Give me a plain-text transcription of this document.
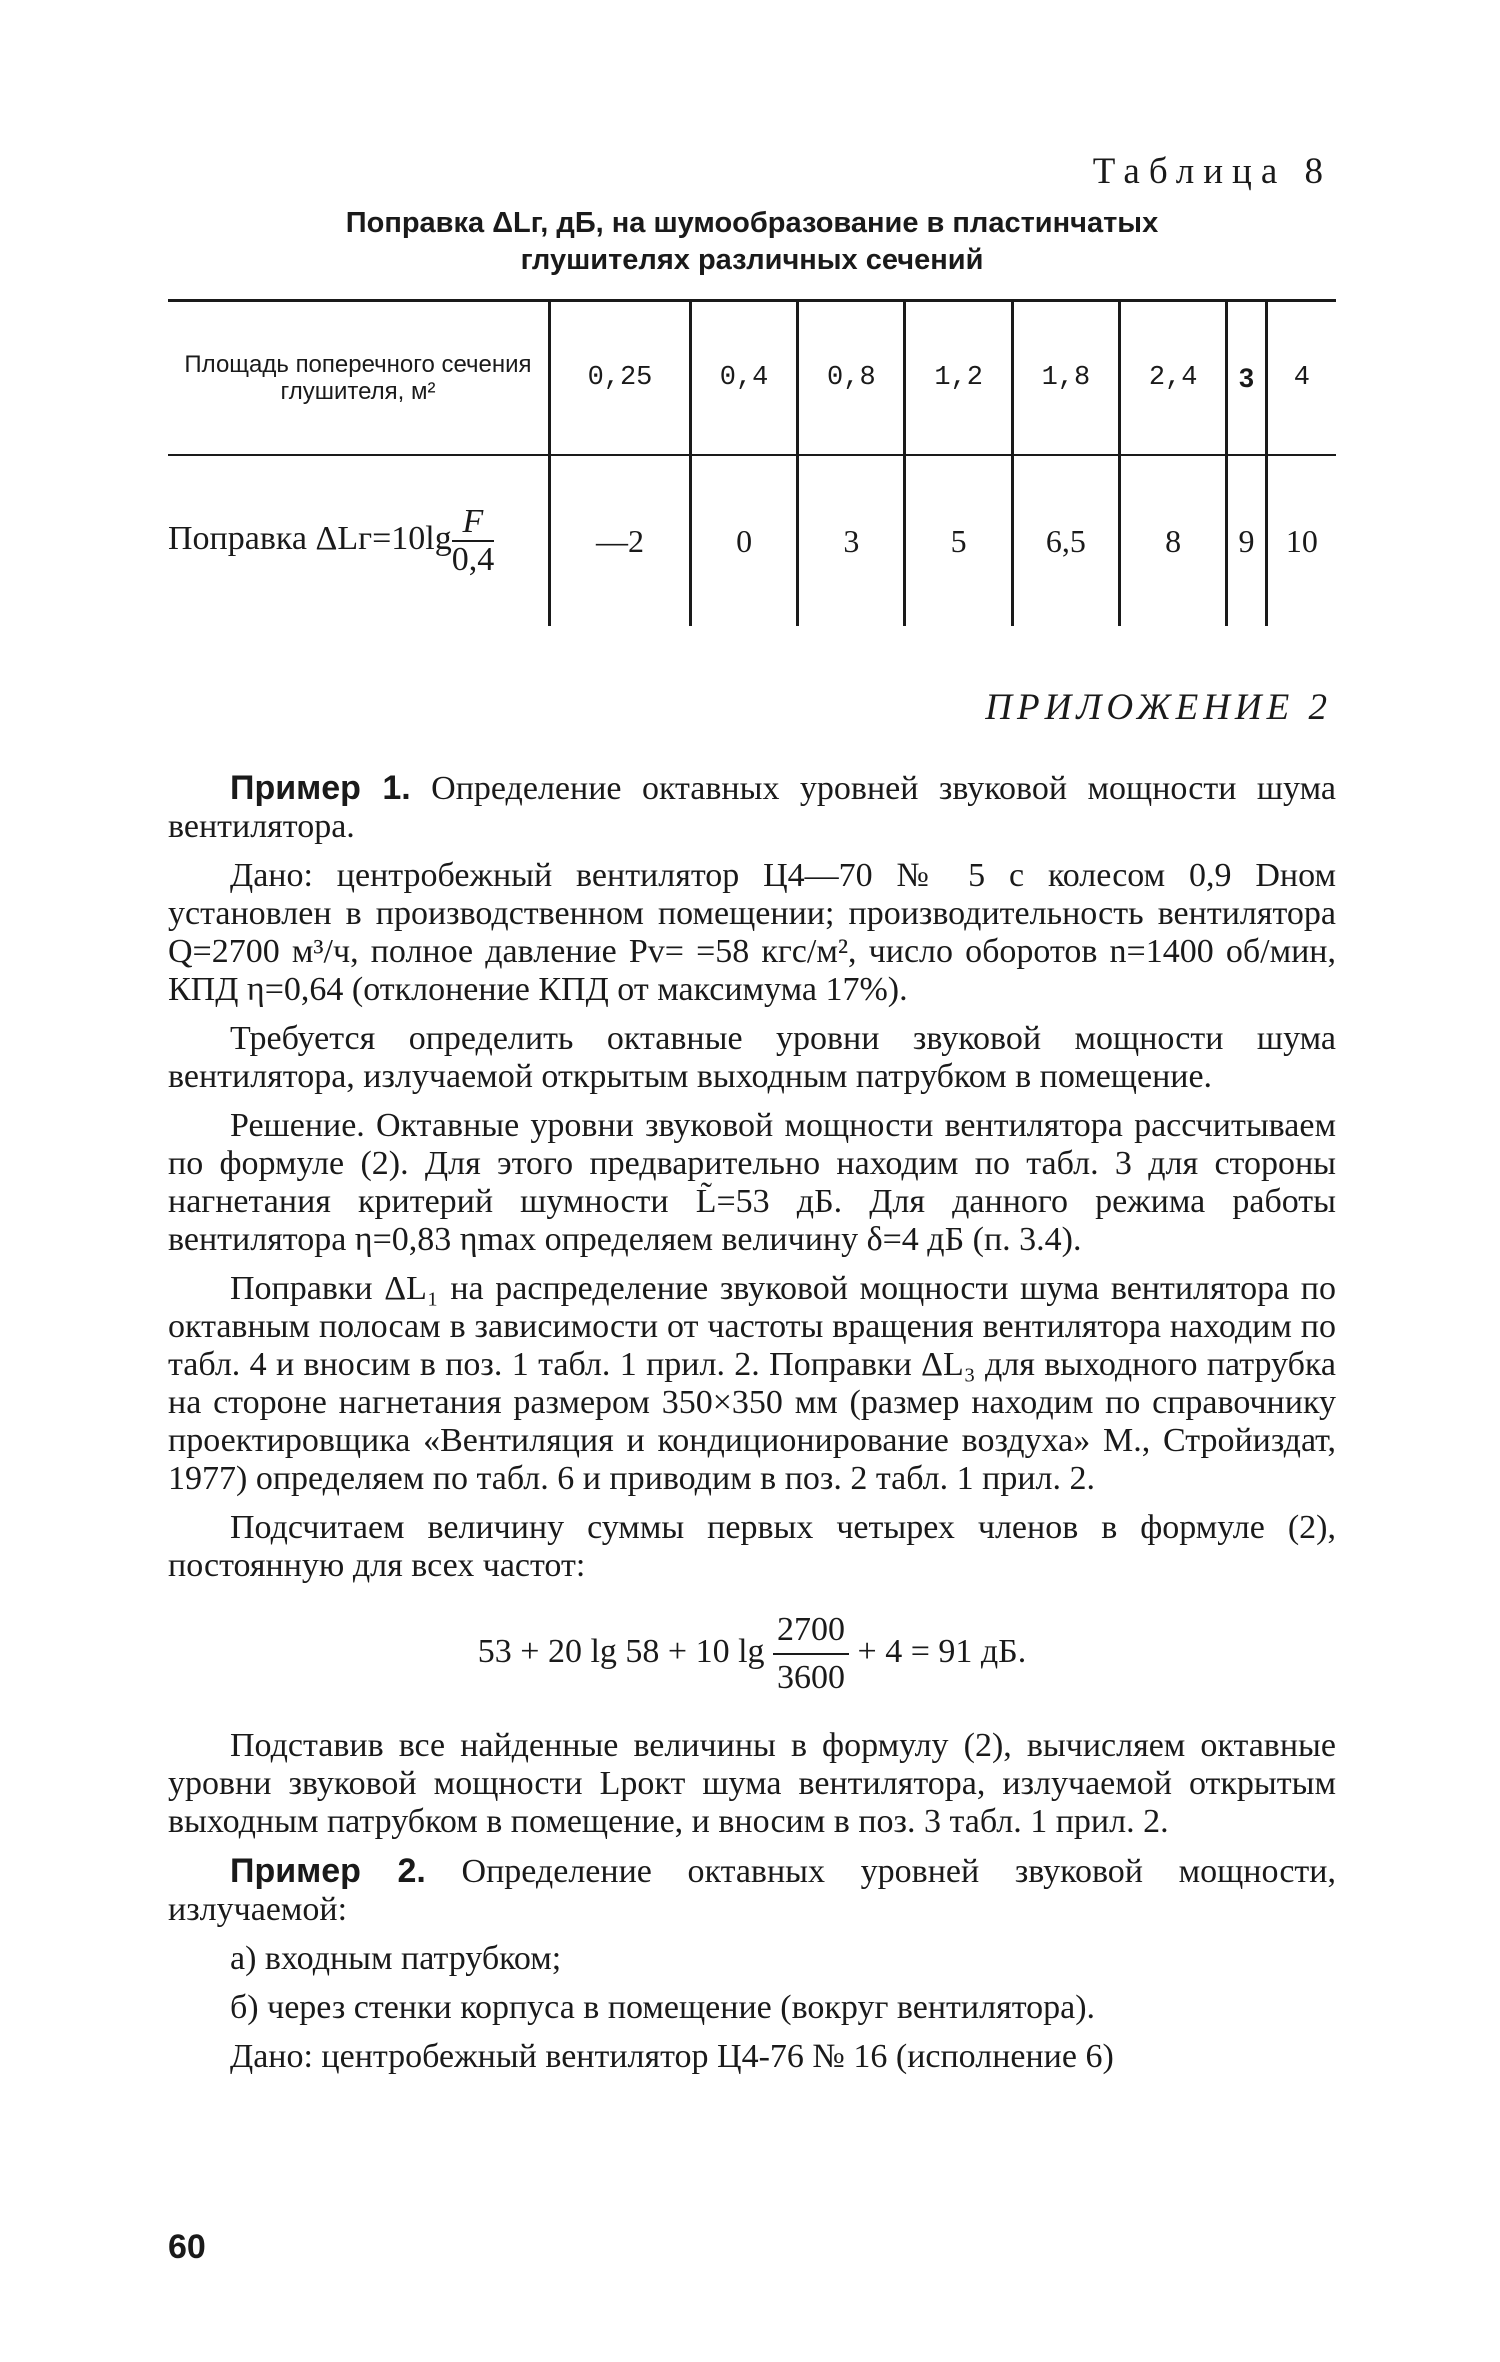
Таблица 8
Поправка ΔLг, дБ, на шумообразование в пластинчатых
глушителях различных сечений
Площадь поперечного сечения глушителя, м²	0,25	0,4	0,8	1,2	1,8	2,4	3	4
Поправка $\Delta Lг=10\lg \frac{F}{0,4}$	—2	0	3	5	6,5	8	9	10
ПРИЛОЖЕНИЕ 2

Пример 1. Определение октавных уровней звуковой мощности шума вентилятора.

Дано: центробежный вентилятор Ц4—70 № 5 с колесом 0,9 Dном установлен в производственном помещении; производительность вентилятора Q=2700 м³/ч, полное давление Pv= =58 кгс/м², число оборотов n=1400 об/мин, КПД η=0,64 (отклонение КПД от максимума 17%).

Требуется определить октавные уровни звуковой мощности шума вентилятора, излучаемой открытым выходным патрубком в помещение.

Решение. Октавные уровни звуковой мощности вентилятора рассчитываем по формуле (2). Для этого предварительно находим по табл. 3 для стороны нагнетания критерий шумности L̃=53 дБ. Для данного режима работы вентилятора η=0,83 ηmax определяем величину δ=4 дБ (п. 3.4).

Поправки ΔL₁ на распределение звуковой мощности шума вентилятора по октавным полосам в зависимости от частоты вращения вентилятора находим по табл. 4 и вносим в поз. 1 табл. 1 прил. 2. Поправки ΔL₃ для выходного патрубка на стороне нагнетания размером 350×350 мм (размер находим по справочнику проектировщика «Вентиляция и кондиционирование воздуха» М., Стройиздат, 1977) определяем по табл. 6 и приводим в поз. 2 табл. 1 прил. 2.

Подсчитаем величину суммы первых четырех членов в формуле (2), постоянную для всех частот:

53 + 20 lg 58 + 10 $\lg \frac{2700}{3600} + 4 = 91$ дБ.

Подставив все найденные величины в формулу (2), вычисляем октавные уровни звуковой мощности Lpокт шума вентилятора, излучаемой открытым выходным патрубком в помещение, и вносим в поз. 3 табл. 1 прил. 2.

Пример 2. Определение октавных уровней звуковой мощности, излучаемой:

а) входным патрубком;

б) через стенки корпуса в помещение (вокруг вентилятора).

Дано: центробежный вентилятор Ц4-76 № 16 (исполнение 6)

60
